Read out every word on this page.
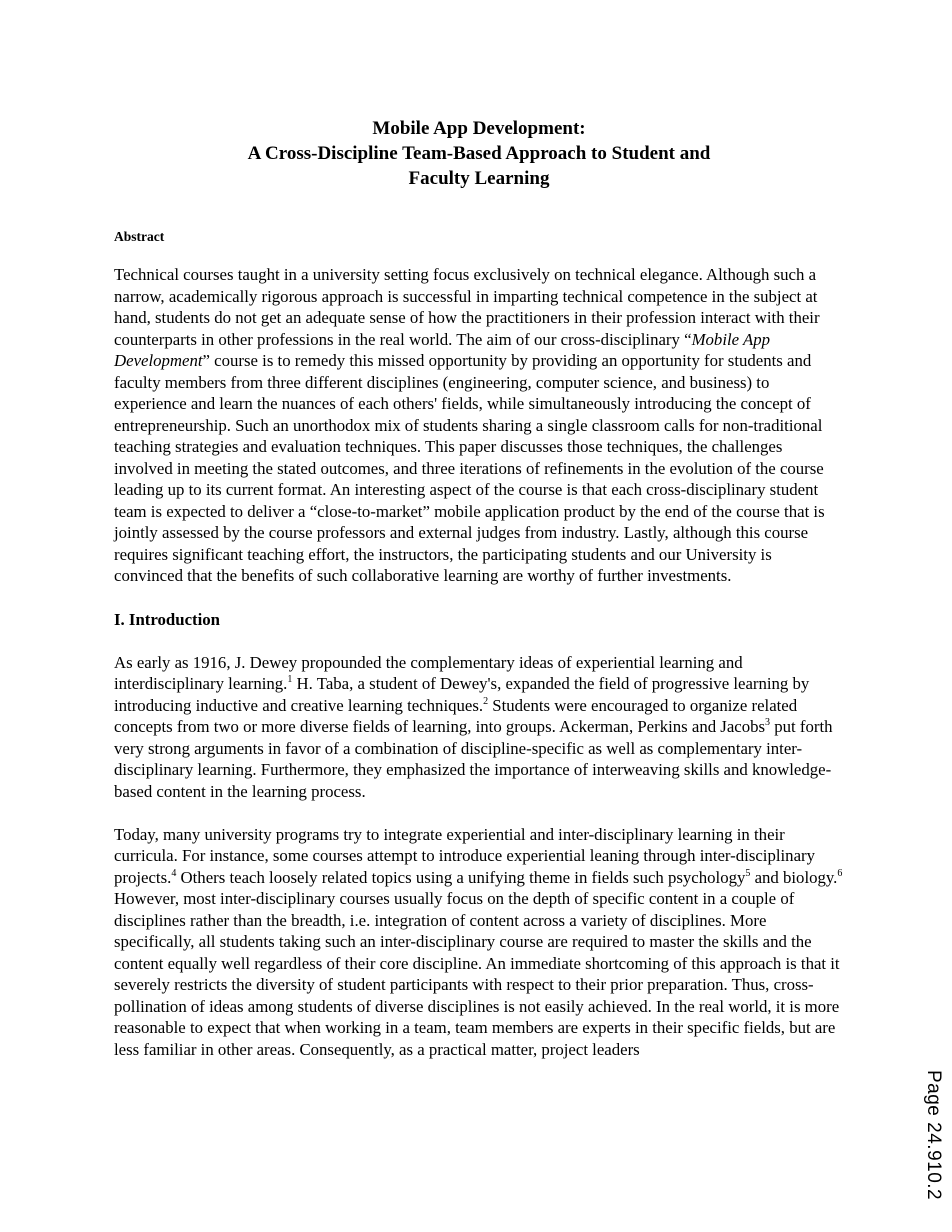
Mobile App Development:
A Cross-Discipline Team-Based Approach to Student and
Faculty Learning
Abstract

Technical courses taught in a university setting focus exclusively on technical elegance. Although such a narrow, academically rigorous approach is successful in imparting technical competence in the subject at hand, students do not get an adequate sense of how the practitioners in their profession interact with their counterparts in other professions in the real world. The aim of our cross-disciplinary “Mobile App Development” course is to remedy this missed opportunity by providing an opportunity for students and faculty members from three different disciplines (engineering, computer science, and business) to experience and learn the nuances of each others' fields, while simultaneously introducing the concept of entrepreneurship. Such an unorthodox mix of students sharing a single classroom calls for non-traditional teaching strategies and evaluation techniques. This paper discusses those techniques, the challenges involved in meeting the stated outcomes, and three iterations of refinements in the evolution of the course leading up to its current format. An interesting aspect of the course is that each cross-disciplinary student team is expected to deliver a “close-to-market” mobile application product by the end of the course that is jointly assessed by the course professors and external judges from industry. Lastly, although this course requires significant teaching effort, the instructors, the participating students and our University is convinced that the benefits of such collaborative learning are worthy of further investments.

I. Introduction

As early as 1916, J. Dewey propounded the complementary ideas of experiential learning and interdisciplinary learning.$^1$ H. Taba, a student of Dewey's, expanded the field of progressive learning by introducing inductive and creative learning techniques.$^2$ Students were encouraged to organize related concepts from two or more diverse fields of learning, into groups. Ackerman, Perkins and Jacobs$^3$ put forth very strong arguments in favor of a combination of discipline-specific as well as complementary inter-disciplinary learning. Furthermore, they emphasized the importance of interweaving skills and knowledge-based content in the learning process.

Today, many university programs try to integrate experiential and inter-disciplinary learning in their curricula. For instance, some courses attempt to introduce experiential leaning through inter-disciplinary projects.$^4$ Others teach loosely related topics using a unifying theme in fields such psychology$^5$ and biology.$^6$ However, most inter-disciplinary courses usually focus on the depth of specific content in a couple of disciplines rather than the breadth, i.e. integration of content across a variety of disciplines. More specifically, all students taking such an inter-disciplinary course are required to master the skills and the content equally well regardless of their core discipline. An immediate shortcoming of this approach is that it severely restricts the diversity of student participants with respect to their prior preparation. Thus, cross-pollination of ideas among students of diverse disciplines is not easily achieved. In the real world, it is more reasonable to expect that when working in a team, team members are experts in their specific fields, but are less familiar in other areas. Consequently, as a practical matter, project leaders

Page 24.910.2
